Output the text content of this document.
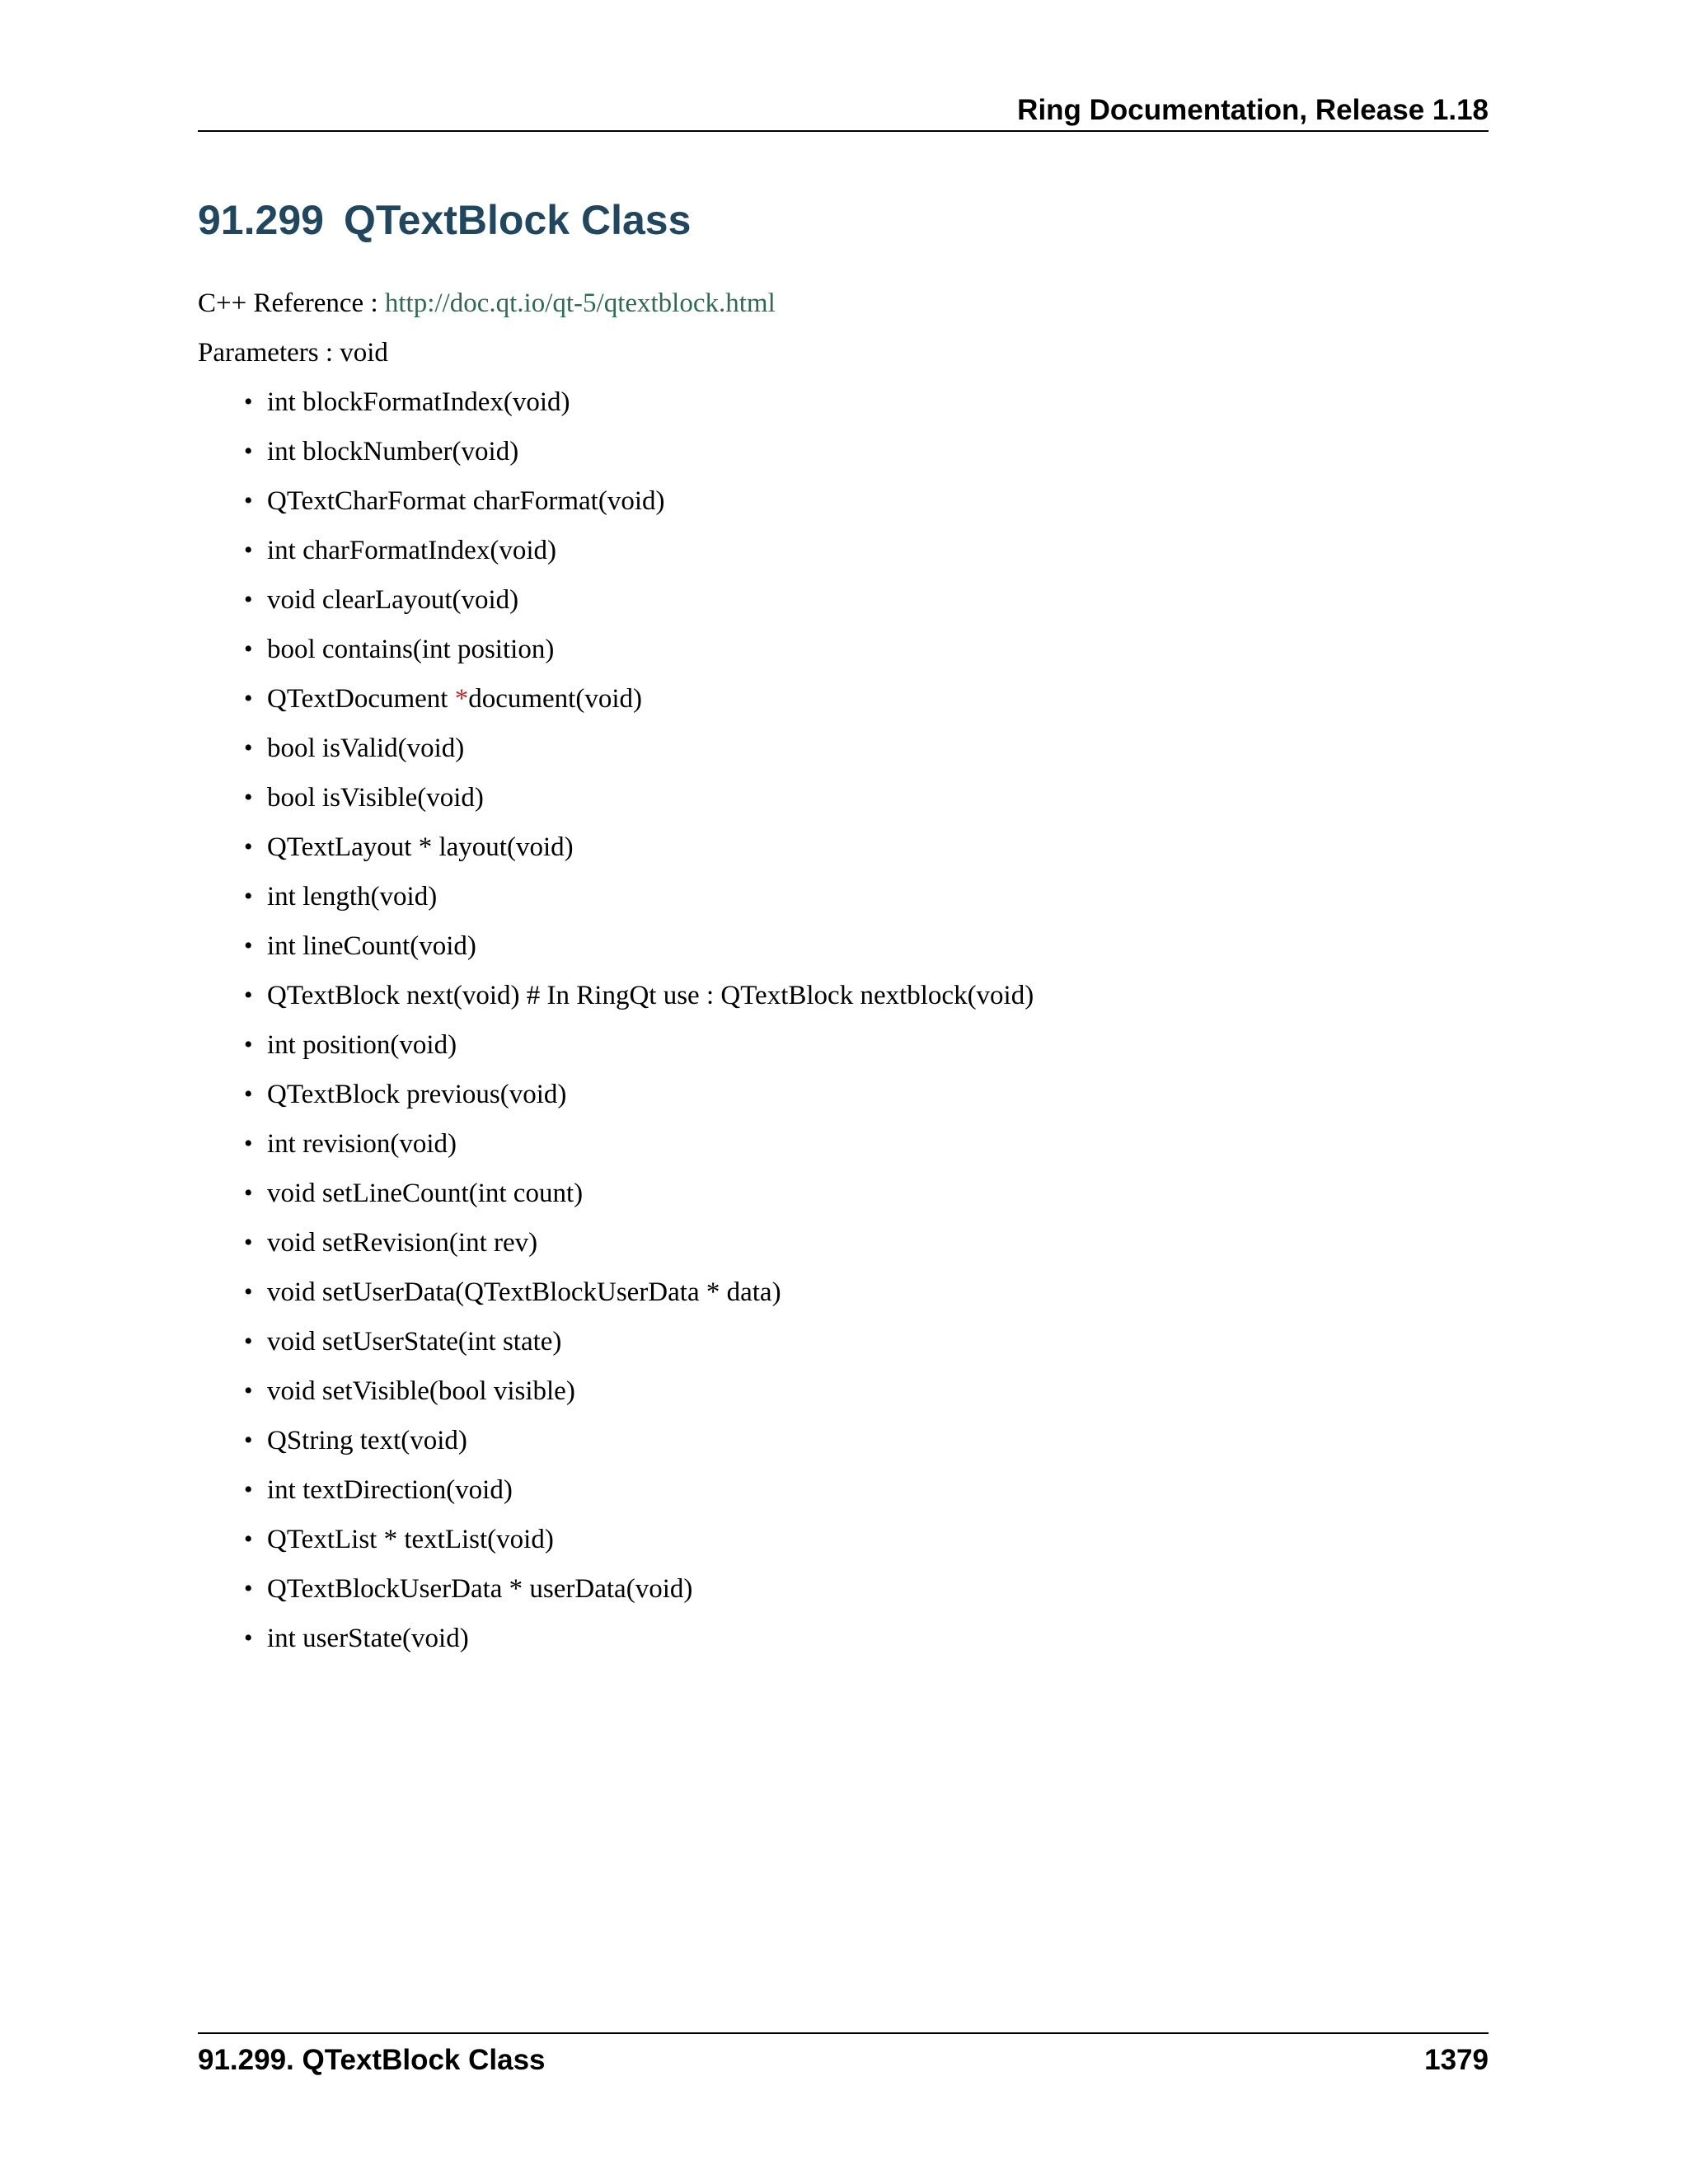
Ring Documentation, Release 1.18
91.299 QTextBlock Class
C++ Reference : http://doc.qt.io/qt-5/qtextblock.html
Parameters : void
• int blockFormatIndex(void)
• int blockNumber(void)
• QTextCharFormat charFormat(void)
• int charFormatIndex(void)
• void clearLayout(void)
• bool contains(int position)
• QTextDocument *document(void)
• bool isValid(void)
• bool isVisible(void)
• QTextLayout * layout(void)
• int length(void)
• int lineCount(void)
• QTextBlock next(void) # In RingQt use : QTextBlock nextblock(void)
• int position(void)
• QTextBlock previous(void)
• int revision(void)
• void setLineCount(int count)
• void setRevision(int rev)
• void setUserData(QTextBlockUserData * data)
• void setUserState(int state)
• void setVisible(bool visible)
• QString text(void)
• int textDirection(void)
• QTextList * textList(void)
• QTextBlockUserData * userData(void)
• int userState(void)
91.299. QTextBlock Class	1379
